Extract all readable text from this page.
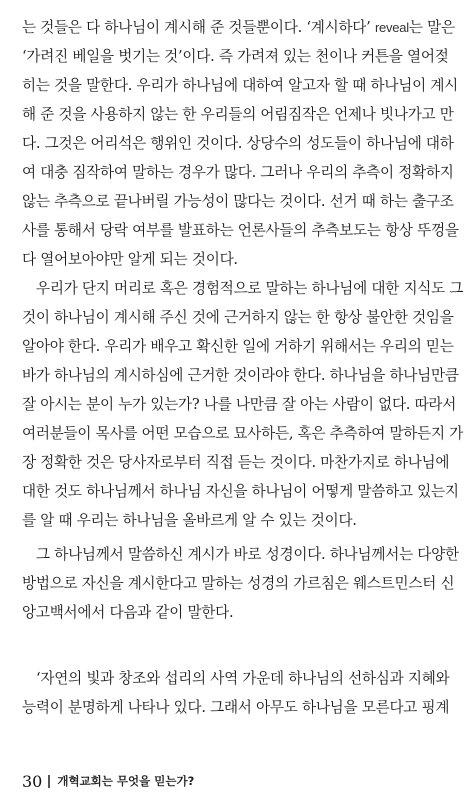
는 것들은 다 하나님이 계시해 준 것들뿐이다. ‘계시하다’ reveal는 말은
‘가려진 베일을 벗기는 것’이다. 즉 가려져 있는 천이나 커튼을 열어젖
히는 것을 말한다. 우리가 하나님에 대하여 알고자 할 때 하나님이 계시
해 준 것을 사용하지 않는 한 우리들의 어림짐작은 언제나 빗나가고 만
다. 그것은 어리석은 행위인 것이다. 상당수의 성도들이 하나님에 대하
여 대충 짐작하여 말하는 경우가 많다. 그러나 우리의 추측이 정확하지
않는 추측으로 끝나버릴 가능성이 많다는 것이다. 선거 때 하는 출구조
사를 통해서 당락 여부를 발표하는 언론사들의 추측보도는 항상 뚜껑을
다 열어보아야만 알게 되는 것이다.
우리가 단지 머리로 혹은 경험적으로 말하는 하나님에 대한 지식도 그
것이 하나님이 계시해 주신 것에 근거하지 않는 한 항상 불안한 것임을
알아야 한다. 우리가 배우고 확신한 일에 거하기 위해서는 우리의 믿는
바가 하나님의 계시하심에 근거한 것이라야 한다. 하나님을 하나님만큼
잘 아시는 분이 누가 있는가? 나를 나만큼 잘 아는 사람이 없다. 따라서
여러분들이 목사를 어떤 모습으로 묘사하든, 혹은 추측하여 말하든지 가
장 정확한 것은 당사자로부터 직접 듣는 것이다. 마찬가지로 하나님에
대한 것도 하나님께서 하나님 자신을 하나님이 어떻게 말씀하고 있는지
를 알 때 우리는 하나님을 올바르게 알 수 있는 것이다.
그 하나님께서 말씀하신 계시가 바로 성경이다. 하나님께서는 다양한
방법으로 자신을 계시한다고 말하는 성경의 가르침은 웨스트민스터 신
앙고백서에서 다음과 같이 말한다.
‘자연의 빛과 창조와 섭리의 사역 가운데 하나님의 선하심과 지혜와
능력이 분명하게 나타나 있다. 그래서 아무도 하나님을 모른다고 핑계
30 개혁교회는 무엇을 믿는가?
